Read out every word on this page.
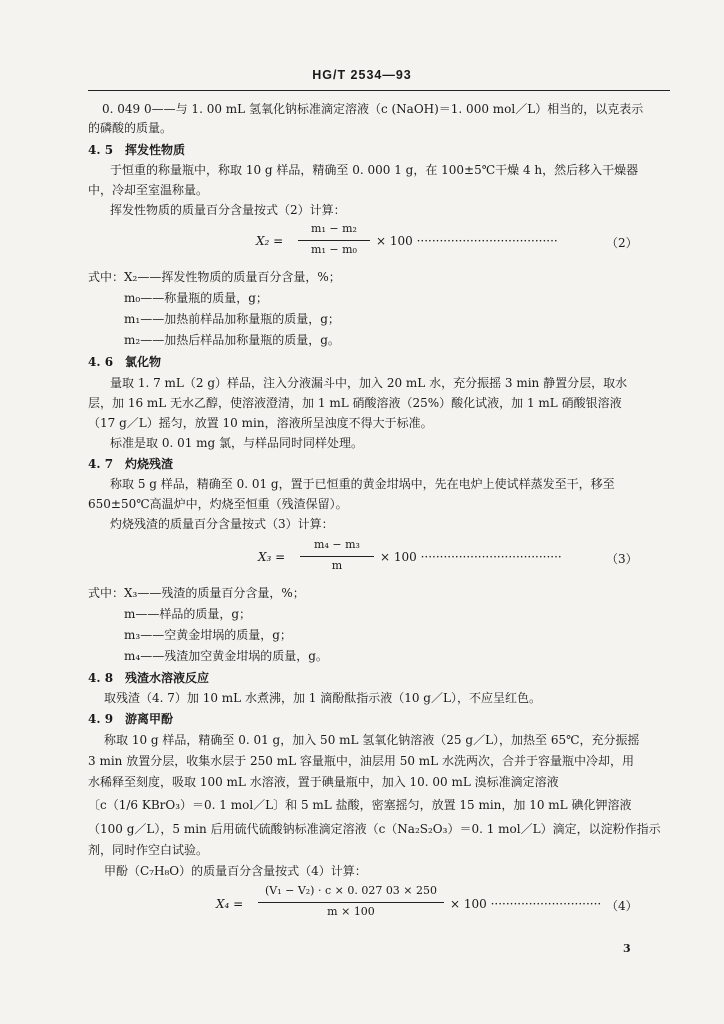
HG/T 2534—93
0. 049 0——与 1. 00 mL 氢氧化钠标准滴定溶液（c (NaOH)＝1. 000 mol／L）相当的，以克表示
的磷酸的质量。
4. 5　挥发性物质
于恒重的称量瓶中，称取 10 g 样品，精确至 0. 000 1 g，在 100±5℃干燥 4 h，然后移入干燥器
中，冷却至室温称量。
挥发性物质的质量百分含量按式（2）计算：
X₂ =
m₁ − m₂
m₁ − m₀
× 100 ·····································	（2）
式中：X₂——挥发性物质的质量百分含量，%；
m₀——称量瓶的质量，g；
m₁——加热前样品加称量瓶的质量，g；
m₂——加热后样品加称量瓶的质量，g。
4. 6　氯化物
量取 1. 7 mL（2 g）样品，注入分液漏斗中，加入 20 mL 水，充分振摇 3 min 静置分层，取水
层，加 16 mL 无水乙醇，使溶液澄清，加 1 mL 硝酸溶液（25%）酸化试液，加 1 mL 硝酸银溶液
（17 g／L）摇匀，放置 10 min，溶液所呈浊度不得大于标准。
标准是取 0. 01 mg 氯，与样品同时同样处理。
4. 7　灼烧残渣
称取 5 g 样品，精确至 0. 01 g，置于已恒重的黄金坩埚中，先在电炉上使试样蒸发至干，移至
650±50℃高温炉中，灼烧至恒重（残渣保留）。
灼烧残渣的质量百分含量按式（3）计算：
X₃ =
m₄ − m₃
m
× 100 ·····································	（3）
式中：X₃——残渣的质量百分含量，%；
m——样品的质量，g；
m₃——空黄金坩埚的质量，g；
m₄——残渣加空黄金坩埚的质量，g。
4. 8　残渣水溶液反应
取残渣（4. 7）加 10 mL 水煮沸，加 1 滴酚酞指示液（10 g／L），不应呈红色。
4. 9　游离甲酚
称取 10 g 样品，精确至 0. 01 g，加入 50 mL 氢氧化钠溶液（25 g／L），加热至 65℃，充分振摇
3 min 放置分层，收集水层于 250 mL 容量瓶中，油层用 50 mL 水洗两次，合并于容量瓶中冷却，用
水稀释至刻度，吸取 100 mL 水溶液，置于碘量瓶中，加入 10. 00 mL 溴标准滴定溶液
〔c（1/6 KBrO₃）＝0. 1 mol／L〕和 5 mL 盐酸，密塞摇匀，放置 15 min，加 10 mL 碘化钾溶液
（100 g／L），5 min 后用硫代硫酸钠标准滴定溶液（c（Na₂S₂O₃）＝0. 1 mol／L）滴定，以淀粉作指示
剂，同时作空白试验。
甲酚（C₇H₈O）的质量百分含量按式（4）计算：
X₄ =
(V₁ − V₂) · c × 0. 027 03 × 250
m × 100
× 100 ····························· （4）
3
